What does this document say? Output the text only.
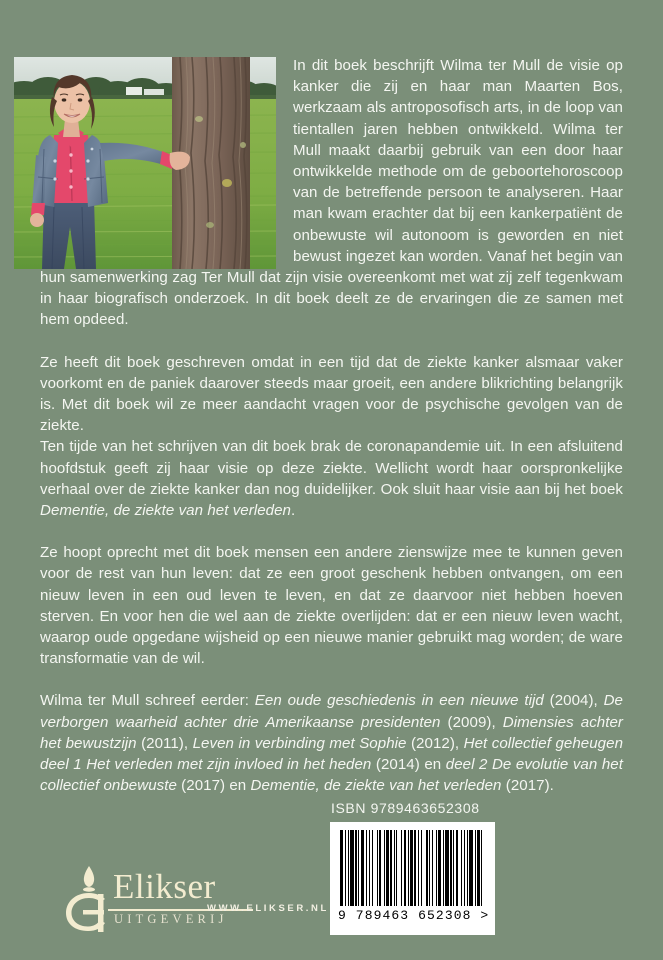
In dit boek beschrijft Wilma ter Mull de visie op kanker die zij en haar man Maarten Bos, werkzaam als antroposofisch arts, in de loop van tientallen jaren hebben ontwikkeld. Wilma ter Mull maakt daarbij gebruik van een door haar ontwikkelde methode om de geboortehoroscoop van de betreffende persoon te analyseren. Haar man kwam erachter dat bij een kankerpatiënt de onbewuste wil autonoom is geworden en niet bewust ingezet kan worden. Vanaf het begin van hun samenwerking zag Ter Mull dat zijn visie overeenkomt met wat zij zelf tegenkwam in haar biografisch onderzoek. In dit boek deelt ze de ervaringen die ze samen met hem opdeed.

Ze heeft dit boek geschreven omdat in een tijd dat de ziekte kanker alsmaar vaker voorkomt en de paniek daarover steeds maar groeit, een andere blikrichting belangrijk is. Met dit boek wil ze meer aandacht vragen voor de psychische gevolgen van de ziekte.

Ten tijde van het schrijven van dit boek brak de coronapandemie uit. In een afsluitend hoofdstuk geeft zij haar visie op deze ziekte. Wellicht wordt haar oorspronkelijke verhaal over de ziekte kanker dan nog duidelijker. Ook sluit haar visie aan bij het boek Dementie, de ziekte van het verleden.

Ze hoopt oprecht met dit boek mensen een andere zienswijze mee te kunnen geven voor de rest van hun leven: dat ze een groot geschenk hebben ontvangen, om een nieuw leven in een oud leven te leven, en dat ze daarvoor niet hebben hoeven sterven. En voor hen die wel aan de ziekte overlijden: dat er een nieuw leven wacht, waarop oude opgedane wijsheid op een nieuwe manier gebruikt mag worden; de ware transformatie van de wil.

Wilma ter Mull schreef eerder: Een oude geschiedenis in een nieuwe tijd (2004), De verborgen waarheid achter drie Amerikaanse presidenten (2009), Dimensies achter het bewustzijn (2011), Leven in verbinding met Sophie (2012), Het collectief geheugen deel 1 Het verleden met zijn invloed in het heden (2014) en deel 2 De evolutie van het collectief onbewuste (2017) en Dementie, de ziekte van het verleden (2017).

ISBN 9789463652308
9 789463 652308 >
Elikser
UITGEVERIJ
WWW.ELIKSER.NL
